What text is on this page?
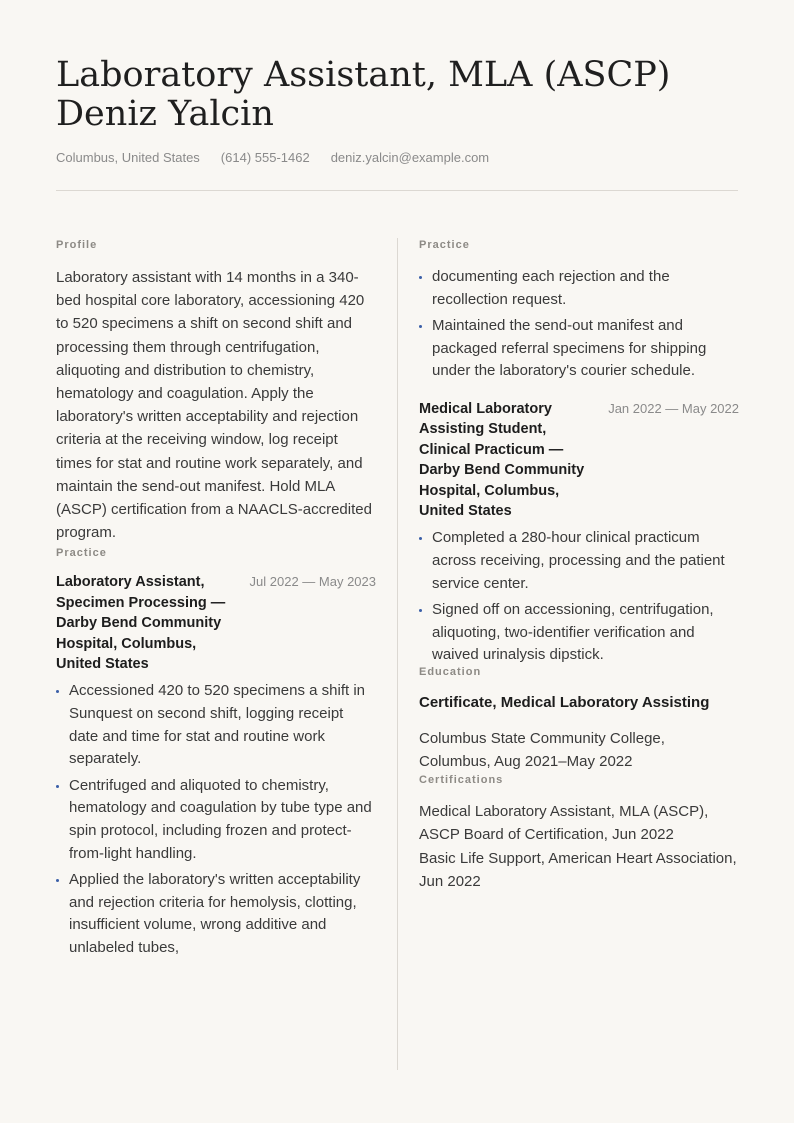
Laboratory Assistant, MLA (ASCP)
Deniz Yalcin
Columbus, United States (614) 555-1462 deniz.yalcin@example.com

Profile

Laboratory assistant with 14 months in a 340-bed hospital core laboratory, accessioning 420 to 520 specimens a shift on second shift and processing them through centrifugation, aliquoting and distribution to chemistry, hematology and coagulation. Apply the laboratory's written acceptability and rejection criteria at the receiving window, log receipt times for stat and routine work separately, and maintain the send-out manifest. Hold MLA (ASCP) certification from a NAACLS-accredited program.

Practice

Laboratory Assistant, Specimen Processing — Darby Bend Community Hospital, Columbus, United States
Jul 2022 — May 2023
Accessioned 420 to 520 specimens a shift in Sunquest on second shift, logging receipt date and time for stat and routine work separately.
Centrifuged and aliquoted to chemistry, hematology and coagulation by tube type and spin protocol, including frozen and protect-from-light handling.
Applied the laboratory's written acceptability and rejection criteria for hemolysis, clotting, insufficient volume, wrong additive and unlabeled tubes,

Practice

documenting each rejection and the recollection request.
Maintained the send-out manifest and packaged referral specimens for shipping under the laboratory's courier schedule.
Medical Laboratory Assisting Student, Clinical Practicum — Darby Bend Community Hospital, Columbus, United States
Jan 2022 — May 2022
Completed a 280-hour clinical practicum across receiving, processing and the patient service center.
Signed off on accessioning, centrifugation, aliquoting, two-identifier verification and waived urinalysis dipstick.

Education

Certificate, Medical Laboratory Assisting
Columbus State Community College, Columbus, Aug 2021–May 2022

Certifications

Medical Laboratory Assistant, MLA (ASCP), ASCP Board of Certification, Jun 2022
Basic Life Support, American Heart Association, Jun 2022
